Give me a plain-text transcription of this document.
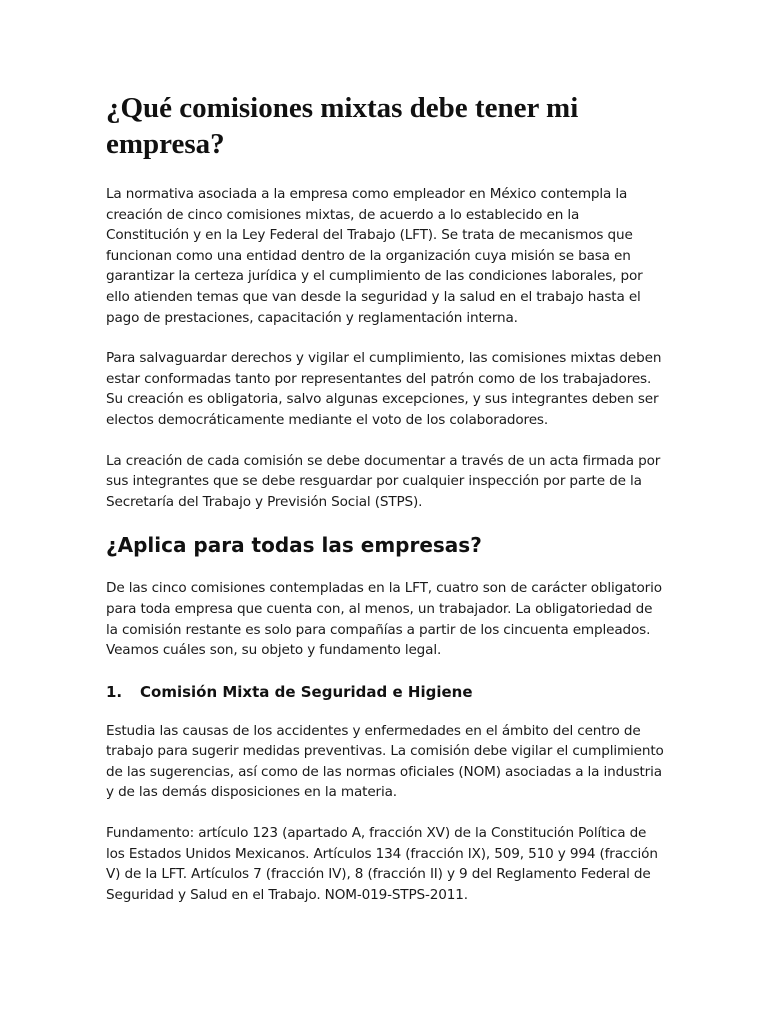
¿Qué comisiones mixtas debe tener mi empresa?

La normativa asociada a la empresa como empleador en México contempla la creación de cinco comisiones mixtas, de acuerdo a lo establecido en la Constitución y en la Ley Federal del Trabajo (LFT). Se trata de mecanismos que funcionan como una entidad dentro de la organización cuya misión se basa en garantizar la certeza jurídica y el cumplimiento de las condiciones laborales, por ello atienden temas que van desde la seguridad y la salud en el trabajo hasta el pago de prestaciones, capacitación y reglamentación interna.

Para salvaguardar derechos y vigilar el cumplimiento, las comisiones mixtas deben estar conformadas tanto por representantes del patrón como de los trabajadores. Su creación es obligatoria, salvo algunas excepciones, y sus integrantes deben ser electos democráticamente mediante el voto de los colaboradores.

La creación de cada comisión se debe documentar a través de un acta firmada por sus integrantes que se debe resguardar por cualquier inspección por parte de la Secretaría del Trabajo y Previsión Social (STPS).

¿Aplica para todas las empresas?

De las cinco comisiones contempladas en la LFT, cuatro son de carácter obligatorio para toda empresa que cuenta con, al menos, un trabajador. La obligatoriedad de la comisión restante es solo para compañías a partir de los cincuenta empleados. Veamos cuáles son, su objeto y fundamento legal.

1.	Comisión Mixta de Seguridad e Higiene

Estudia las causas de los accidentes y enfermedades en el ámbito del centro de trabajo para sugerir medidas preventivas. La comisión debe vigilar el cumplimiento de las sugerencias, así como de las normas oficiales (NOM) asociadas a la industria y de las demás disposiciones en la materia.

Fundamento: artículo 123 (apartado A, fracción XV) de la Constitución Política de los Estados Unidos Mexicanos. Artículos 134 (fracción IX), 509, 510 y 994 (fracción V) de la LFT. Artículos 7 (fracción IV), 8 (fracción II) y 9 del Reglamento Federal de Seguridad y Salud en el Trabajo. NOM-019-STPS-2011.
